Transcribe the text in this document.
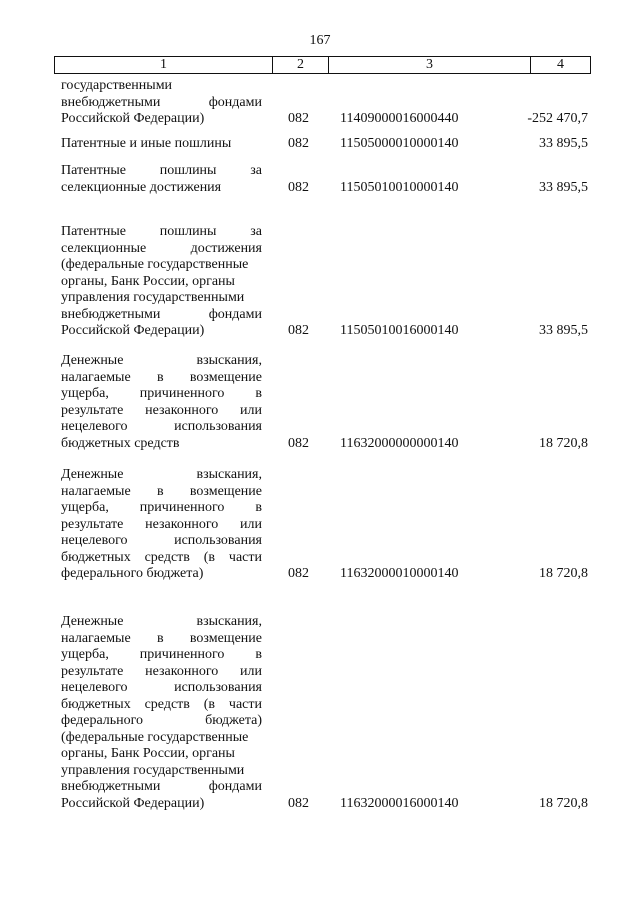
167
1	2	3	4
государственными
внебюджетными фондами
Российской Федерации)	082 11409000016000440	-252 470,7
Патентные и иные пошлины	082 11505000010000140	33 895,5
Патентные пошлины за
селекционные достижения	082 11505010010000140	33 895,5
Патентные пошлины за
селекционные достижения
(федеральные государственные
органы, Банк России, органы
управления государственными
внебюджетными фондами
Российской Федерации)	082 11505010016000140	33 895,5
Денежные взыскания,
налагаемые в возмещение
ущерба, причиненного в
результате незаконного или
нецелевого использования
бюджетных средств	082 11632000000000140	18 720,8
Денежные взыскания,
налагаемые в возмещение
ущерба, причиненного в
результате незаконного или
нецелевого использования
бюджетных средств (в части
федерального бюджета)	082 11632000010000140	18 720,8
Денежные взыскания,
налагаемые в возмещение
ущерба, причиненного в
результате незаконного или
нецелевого использования
бюджетных средств (в части
федерального бюджета)
(федеральные государственные
органы, Банк России, органы
управления государственными
внебюджетными фондами
Российской Федерации)	082 11632000016000140	18 720,8
